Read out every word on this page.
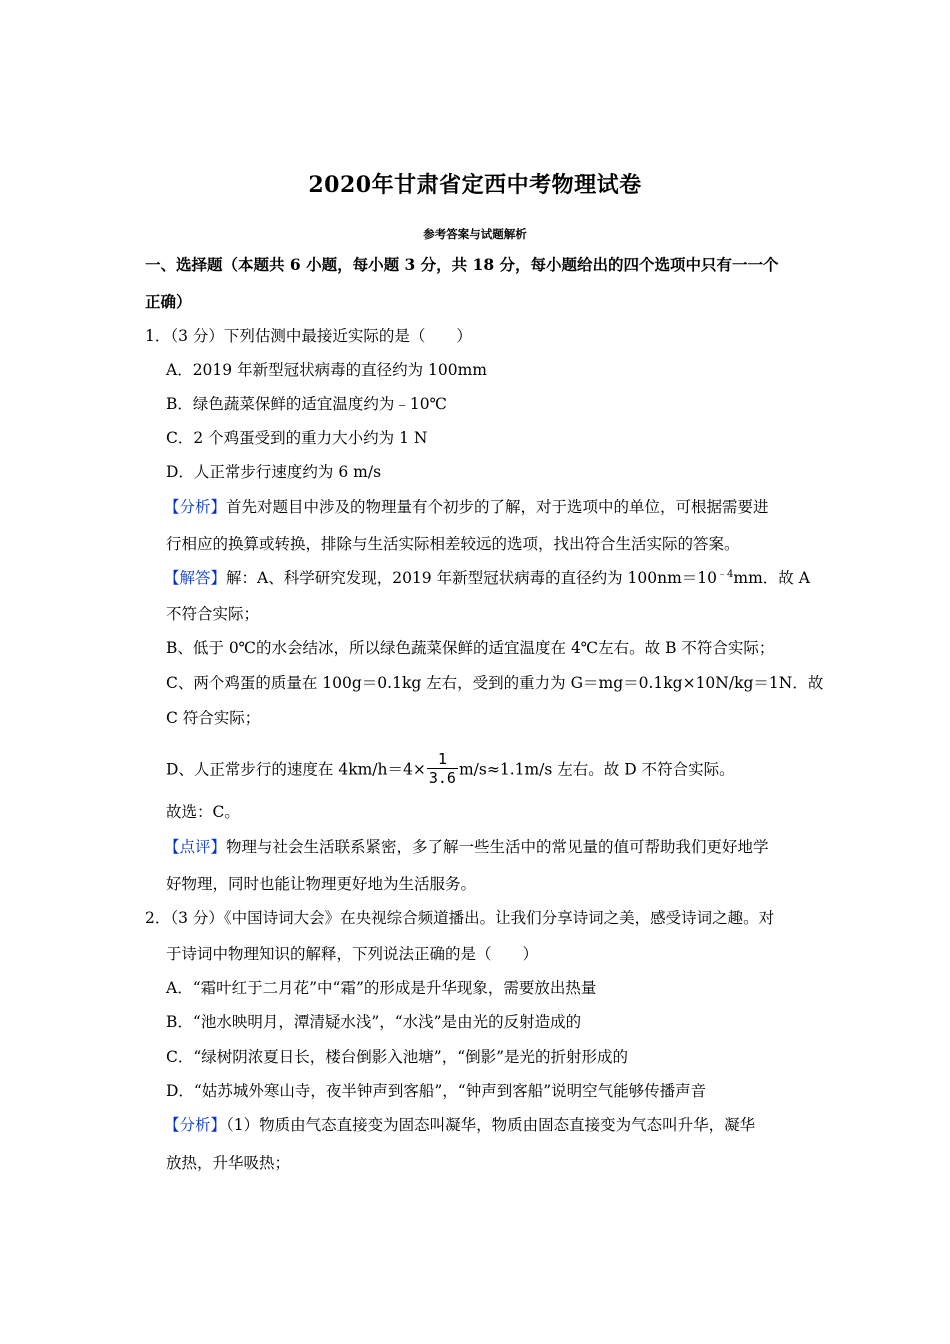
2020年甘肃省定西中考物理试卷
参考答案与试题解析
一、选择题（本题共 6 小题，每小题 3 分，共 18 分，每小题给出的四个选项中只有一一个
正确）
1．（3 分）下列估测中最接近实际的是（　　）
A．2019 年新型冠状病毒的直径约为 100mm
B．绿色蔬菜保鲜的适宜温度约为﹣10℃
C．2 个鸡蛋受到的重力大小约为 1 N
D．人正常步行速度约为 6 m/s
【分析】首先对题目中涉及的物理量有个初步的了解，对于选项中的单位，可根据需要进
行相应的换算或转换，排除与生活实际相差较远的选项，找出符合生活实际的答案。
【解答】解：A、科学研究发现，2019 年新型冠状病毒的直径约为 $100nm=10^{﹣4}mm$．故 A
不符合实际；
B、低于 0℃的水会结冰，所以绿色蔬菜保鲜的适宜温度在 4℃左右。故 B 不符合实际；
C、两个鸡蛋的质量在 100g＝0.1kg 左右，受到的重力为 G＝mg＝0.1kg×10N/kg＝1N．故
C 符合实际；
D、人正常步行的速度在 $4km/h=4\times \frac{1}{3.6} m/s\approx 1.1m/s$ 左右。故 D 不符合实际。
故选：C。
【点评】物理与社会生活联系紧密，多了解一些生活中的常见量的值可帮助我们更好地学
好物理，同时也能让物理更好地为生活服务。
2．（3 分）《中国诗词大会》在央视综合频道播出。让我们分享诗词之美，感受诗词之趣。对
于诗词中物理知识的解释，下列说法正确的是（　　）
A．“霜叶红于二月花”中“霜”的形成是升华现象，需要放出热量
B．“池水映明月，潭清疑水浅”，“水浅”是由光的反射造成的
C．“绿树阴浓夏日长，楼台倒影入池塘”，“倒影”是光的折射形成的
D．“姑苏城外寒山寺，夜半钟声到客船”，“钟声到客船”说明空气能够传播声音
【分析】（1）物质由气态直接变为固态叫凝华，物质由固态直接变为气态叫升华，凝华
放热，升华吸热；
